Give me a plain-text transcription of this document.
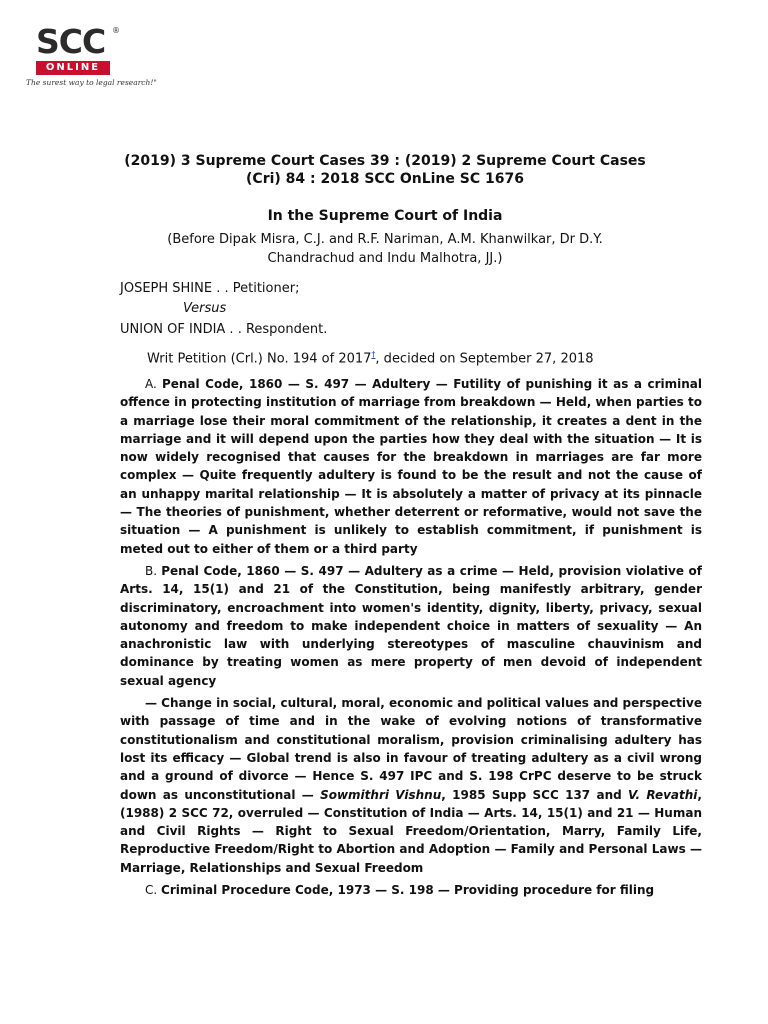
SCC ®
ONLINE
The surest way to legal research!"
(2019) 3 Supreme Court Cases 39 : (2019) 2 Supreme Court Cases
(Cri) 84 : 2018 SCC OnLine SC 1676
In the Supreme Court of India
(Before Dipak Misra, C.J. and R.F. Nariman, A.M. Khanwilkar, Dr D.Y.
Chandrachud and Indu Malhotra, JJ.)
JOSEPH SHINE . . Petitioner;
Versus
UNION OF INDIA . . Respondent.
Writ Petition (Crl.) No. 194 of 2017†, decided on September 27, 2018

A. Penal Code, 1860 — S. 497 — Adultery — Futility of punishing it as a criminal offence in protecting institution of marriage from breakdown — Held, when parties to a marriage lose their moral commitment of the relationship, it creates a dent in the marriage and it will depend upon the parties how they deal with the situation — It is now widely recognised that causes for the breakdown in marriages are far more complex — Quite frequently adultery is found to be the result and not the cause of an unhappy marital relationship — It is absolutely a matter of privacy at its pinnacle — The theories of punishment, whether deterrent or reformative, would not save the situation — A punishment is unlikely to establish commitment, if punishment is meted out to either of them or a third party

B. Penal Code, 1860 — S. 497 — Adultery as a crime — Held, provision violative of Arts. 14, 15(1) and 21 of the Constitution, being manifestly arbitrary, gender discriminatory, encroachment into women's identity, dignity, liberty, privacy, sexual autonomy and freedom to make independent choice in matters of sexuality — An anachronistic law with underlying stereotypes of masculine chauvinism and dominance by treating women as mere property of men devoid of independent sexual agency

— Change in social, cultural, moral, economic and political values and perspective with passage of time and in the wake of evolving notions of transformative constitutionalism and constitutional moralism, provision criminalising adultery has lost its efficacy — Global trend is also in favour of treating adultery as a civil wrong and a ground of divorce — Hence S. 497 IPC and S. 198 CrPC deserve to be struck down as unconstitutional — Sowmithri Vishnu, 1985 Supp SCC 137 and V. Revathi, (1988) 2 SCC 72, overruled — Constitution of India — Arts. 14, 15(1) and 21 — Human and Civil Rights — Right to Sexual Freedom/Orientation, Marry, Family Life, Reproductive Freedom/Right to Abortion and Adoption — Family and Personal Laws — Marriage, Relationships and Sexual Freedom

C. Criminal Procedure Code, 1973 — S. 198 — Providing procedure for filing
